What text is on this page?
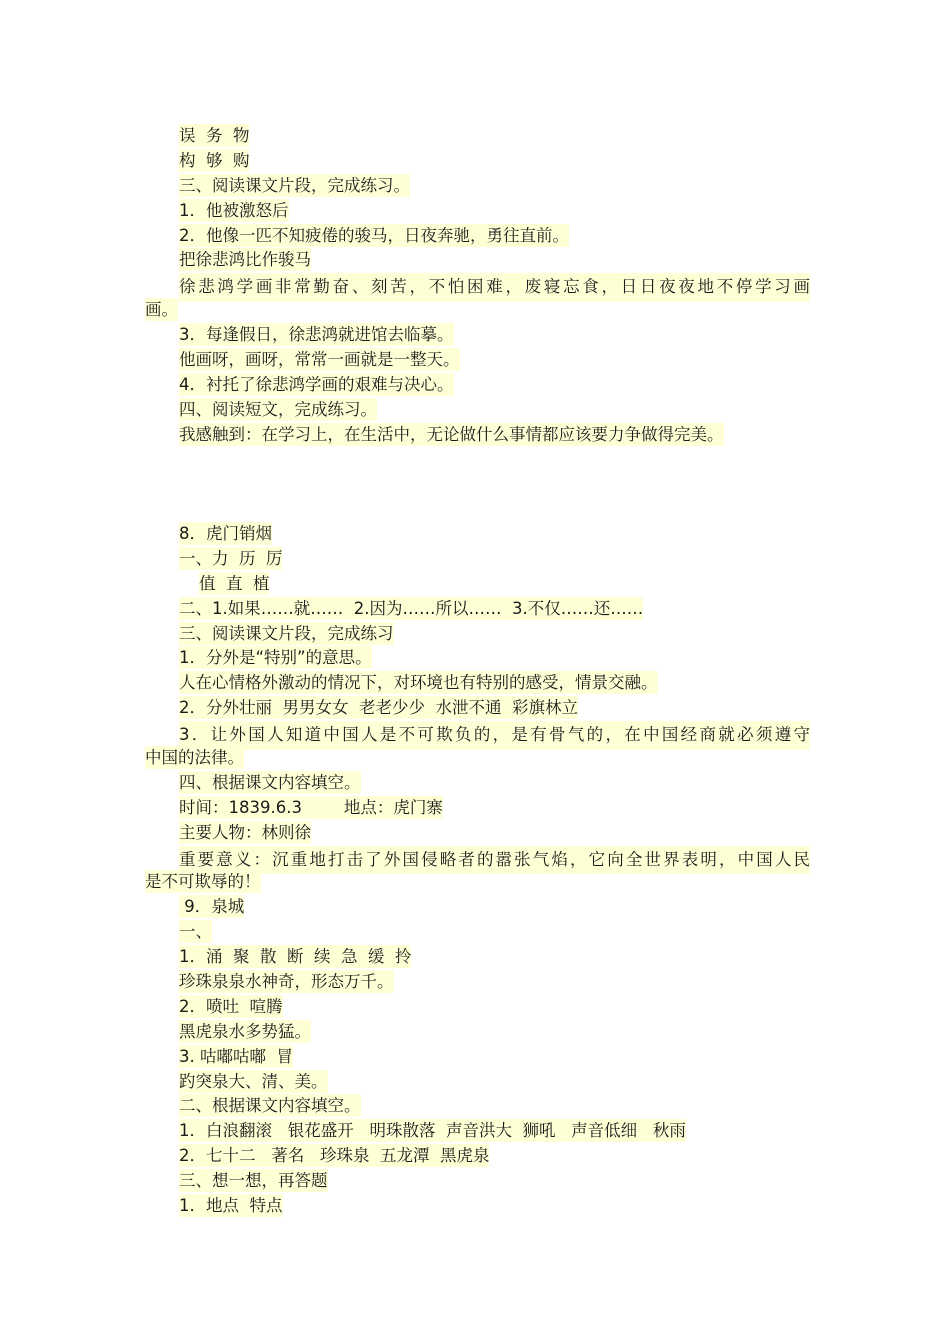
误  务  物
构  够  购
三、阅读课文片段，完成练习。
1．他被激怒后
2．他像一匹不知疲倦的骏马，日夜奔驰，勇往直前。
把徐悲鸿比作骏马
徐悲鸿学画非常勤奋、刻苦，不怕困难，废寝忘食，日日夜夜地不停学习画
画。
3．每逢假日，徐悲鸿就进馆去临摹。
他画呀，画呀，常常一画就是一整天。
4．衬托了徐悲鸿学画的艰难与决心。
四、阅读短文，完成练习。
我感触到：在学习上，在生活中，无论做什么事情都应该要力争做得完美。
8．虎门销烟
一、力  历  厉
值  直  植
二、1.如果……就……  2.因为……所以……  3.不仅……还……
三、阅读课文片段，完成练习
1．分外是“特别”的意思。
人在心情格外激动的情况下，对环境也有特别的感受，情景交融。
2．分外壮丽  男男女女  老老少少  水泄不通  彩旗林立
3．让外国人知道中国人是不可欺负的，是有骨气的，在中国经商就必须遵守
中国的法律。
四、根据课文内容填空。
时间：1839.6.3        地点：虎门寨
主要人物：林则徐
重要意义：沉重地打击了外国侵略者的嚣张气焰，它向全世界表明，中国人民
是不可欺辱的！
9．泉城
一、
1．涌  聚  散  断  续  急  缓  拎
珍珠泉泉水神奇，形态万千。
2．喷吐  喧腾
黑虎泉水多势猛。
3. 咕嘟咕嘟  冒
趵突泉大、清、美。
二、根据课文内容填空。
1．白浪翻滚   银花盛开   明珠散落  声音洪大  狮吼   声音低细   秋雨
2．七十二   著名   珍珠泉  五龙潭  黑虎泉
三、想一想，再答题
1．地点  特点
